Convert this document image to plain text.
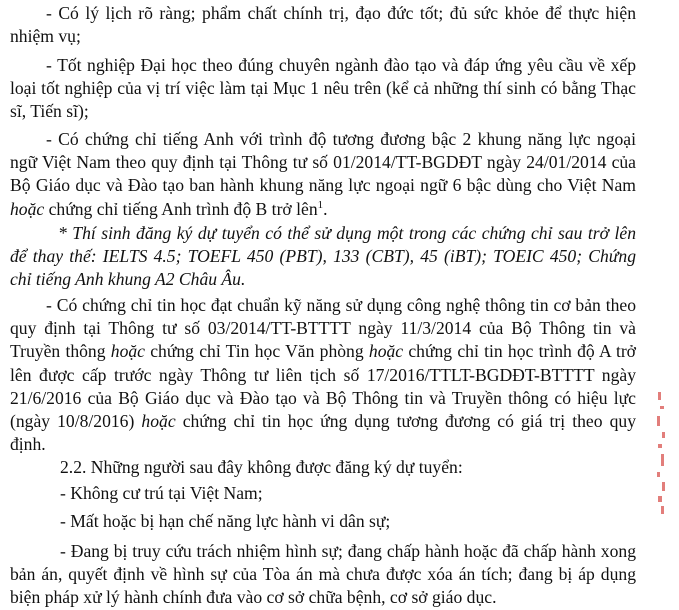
- Có lý lịch rõ ràng; phẩm chất chính trị, đạo đức tốt; đủ sức khỏe để thực hiện nhiệm vụ;

- Tốt nghiệp Đại học theo đúng chuyên ngành đào tạo và đáp ứng yêu cầu về xếp loại tốt nghiệp của vị trí việc làm tại Mục 1 nêu trên (kể cả những thí sinh có bằng Thạc sĩ, Tiến sĩ);

- Có chứng chỉ tiếng Anh với trình độ tương đương bậc 2 khung năng lực ngoại ngữ Việt Nam theo quy định tại Thông tư số 01/2014/TT-BGDĐT ngày 24/01/2014 của Bộ Giáo dục và Đào tạo ban hành khung năng lực ngoại ngữ 6 bậc dùng cho Việt Nam hoặc chứng chỉ tiếng Anh trình độ B trở lên$^1$.

* Thí sinh đăng ký dự tuyển có thể sử dụng một trong các chứng chỉ sau trở lên để thay thế: IELTS 4.5; TOEFL 450 (PBT), 133 (CBT), 45 (iBT); TOEIC 450; Chứng chỉ tiếng Anh khung A2 Châu Âu.

- Có chứng chỉ tin học đạt chuẩn kỹ năng sử dụng công nghệ thông tin cơ bản theo quy định tại Thông tư số 03/2014/TT-BTTTT ngày 11/3/2014 của Bộ Thông tin và Truyền thông hoặc chứng chỉ Tin học Văn phòng hoặc chứng chỉ tin học trình độ A trở lên được cấp trước ngày Thông tư liên tịch số 17/2016/TTLT-BGDĐT-BTTTT ngày 21/6/2016 của Bộ Giáo dục và Đào tạo và Bộ Thông tin và Truyền thông có hiệu lực (ngày 10/8/2016) hoặc chứng chỉ tin học ứng dụng tương đương có giá trị theo quy định.

2.2. Những người sau đây không được đăng ký dự tuyển:

- Không cư trú tại Việt Nam;

- Mất hoặc bị hạn chế năng lực hành vi dân sự;

- Đang bị truy cứu trách nhiệm hình sự; đang chấp hành hoặc đã chấp hành xong bản án, quyết định về hình sự của Tòa án mà chưa được xóa án tích; đang bị áp dụng biện pháp xử lý hành chính đưa vào cơ sở chữa bệnh, cơ sở giáo dục.
